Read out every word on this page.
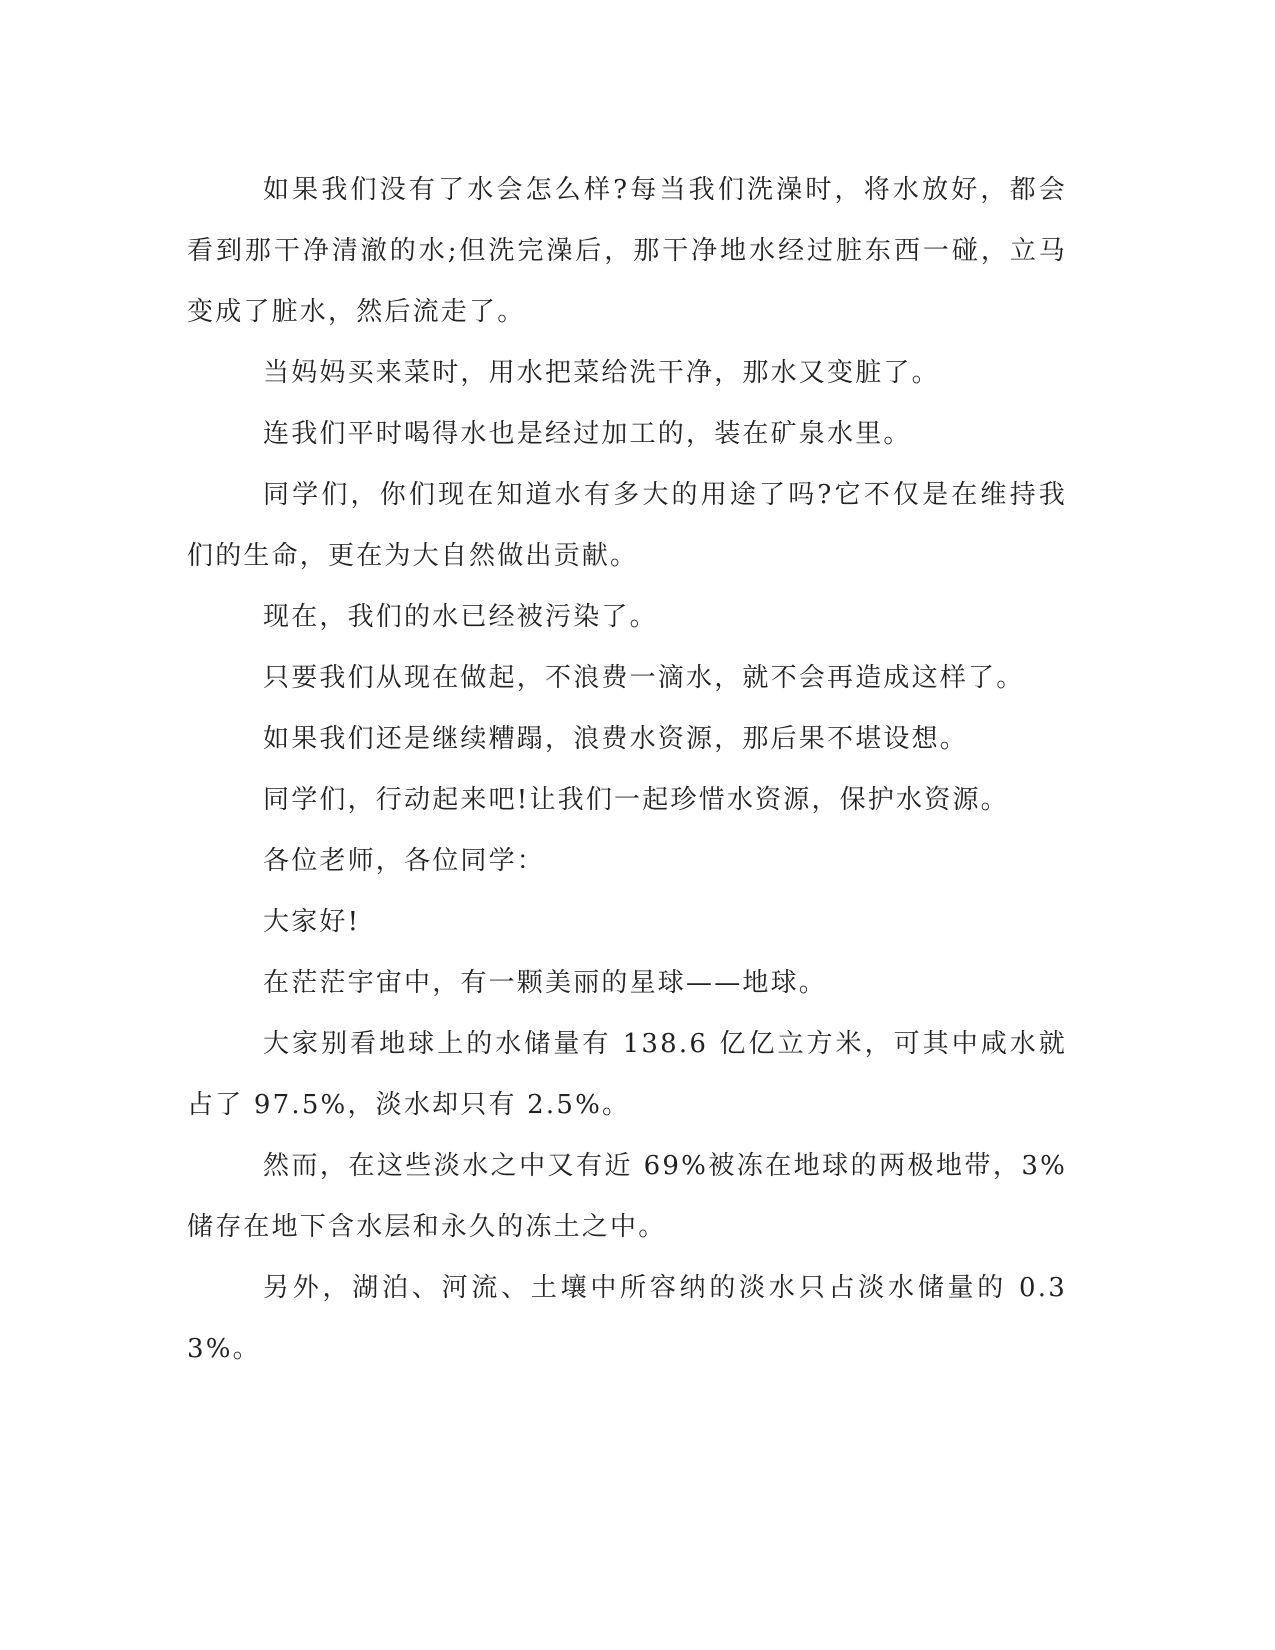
如果我们没有了水会怎么样?每当我们洗澡时，将水放好，都会看到那干净清澈的水;但洗完澡后，那干净地水经过脏东西一碰，立马变成了脏水，然后流走了。

当妈妈买来菜时，用水把菜给洗干净，那水又变脏了。

连我们平时喝得水也是经过加工的，装在矿泉水里。

同学们，你们现在知道水有多大的用途了吗?它不仅是在维持我们的生命，更在为大自然做出贡献。

现在，我们的水已经被污染了。

只要我们从现在做起，不浪费一滴水，就不会再造成这样了。

如果我们还是继续糟蹋，浪费水资源，那后果不堪设想。

同学们，行动起来吧!让我们一起珍惜水资源，保护水资源。

各位老师，各位同学：

大家好!

在茫茫宇宙中，有一颗美丽的星球——地球。

大家别看地球上的水储量有 138.6 亿亿立方米，可其中咸水就占了 97.5%，淡水却只有 2.5%。

然而，在这些淡水之中又有近 69%被冻在地球的两极地带，3%储存在地下含水层和永久的冻土之中。

另外，湖泊、河流、土壤中所容纳的淡水只占淡水储量的 0.33%。
